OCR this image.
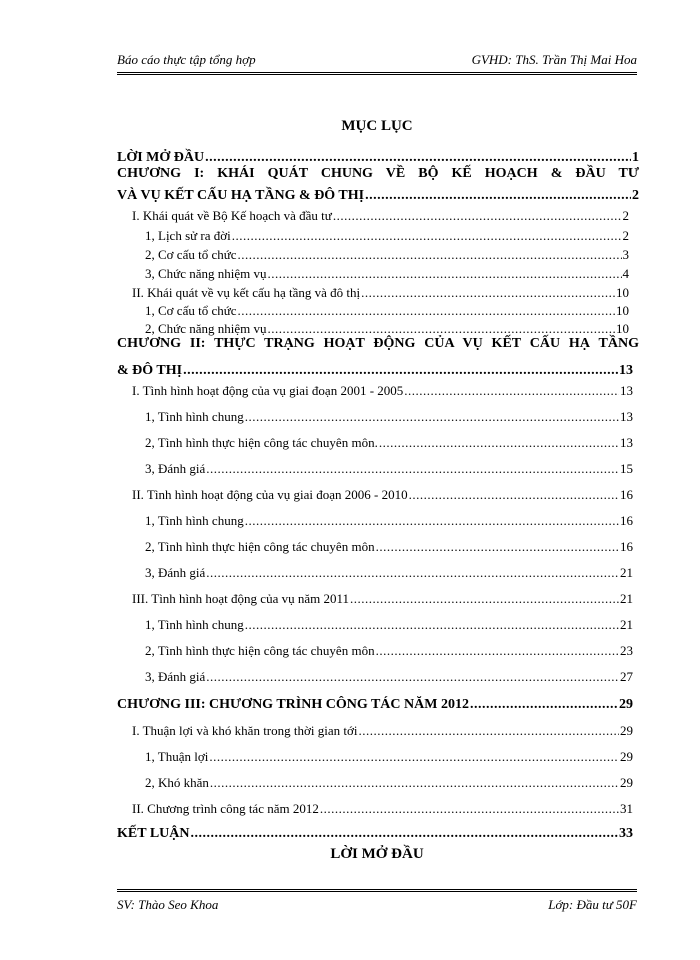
Báo cáo thực tập tổng hợp	GVHD: ThS. Trần Thị Mai Hoa
MỤC LỤC
LỜI MỞ ĐẦU .....	1
CHƯƠNG I: KHÁI QUÁT CHUNG VỀ BỘ KẾ HOẠCH & ĐẦU TƯ
VÀ VỤ KẾT CẤU HẠ TẦNG & ĐÔ THỊ .....	2
I. Khái quát về Bộ Kế hoạch và đầu tư .....	2
1, Lịch sử ra đời .....	2
2, Cơ cấu tổ chức .....	3
3, Chức năng nhiệm vụ .....	4
II. Khái quát về vụ kết cấu hạ tầng và đô thị .....	10
1, Cơ cấu tổ chức .....	10
2, Chức năng nhiệm vụ .....	10
CHƯƠNG II: THỰC TRẠNG HOẠT ĐỘNG CỦA VỤ KẾT CẤU HẠ TẦNG
& ĐÔ THỊ .....	13
I. Tình hình hoạt động của vụ giai đoạn 2001 - 2005 .....	13
1, Tình hình chung .....	13
2, Tình hình thực hiện công tác chuyên môn. .....	13
3, Đánh giá .....	15
II. Tình hình hoạt động của vụ giai đoạn 2006 - 2010 .....	16
1, Tình hình chung .....	16
2, Tình hình thực hiện công tác chuyên môn .....	16
3, Đánh giá .....	21
III. Tình hình hoạt động của vụ năm 2011 .....	21
1, Tình hình chung .....	21
2, Tình hình thực hiện công tác chuyên môn .....	23
3, Đánh giá .....	27
CHƯƠNG III: CHƯƠNG TRÌNH CÔNG TÁC NĂM 2012 .....	29
I. Thuận lợi và khó khăn trong thời gian tới .....	29
1, Thuận lợi .....	29
2, Khó khăn .....	29
II. Chương trình công tác năm 2012 .....	31
KẾT LUẬN .....	33
LỜI MỞ ĐẦU
SV: Thào Seo Khoa	Lớp: Đầu tư 50F
